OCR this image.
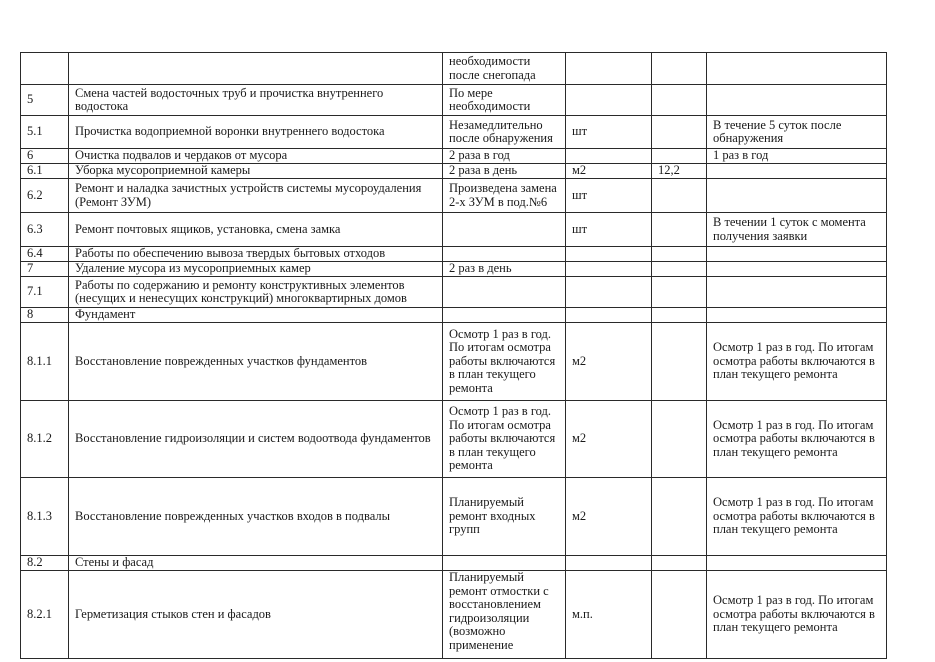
		необходимости после снегопада			
5	Смена частей водосточных труб и прочистка внутреннего водостока	По мере необходимости			
5.1	Прочистка водоприемной воронки внутреннего водостока	Незамедлительно после обнаружения	шт		В течение 5 суток после обнаружения
6	Очистка подвалов и чердаков от мусора	2 раза в год			1 раз в год
6.1	Уборка мусороприемной камеры	2 раза в день	м2	12,2	
6.2	Ремонт и наладка зачистных устройств системы мусороудаления (Ремонт ЗУМ)	Произведена замена 2-х ЗУМ в под.№6	шт		
6.3	Ремонт почтовых ящиков, установка, смена замка		шт		В течении 1 суток с момента получения заявки
6.4	Работы по обеспечению вывоза твердых бытовых отходов				
7	Удаление мусора из мусороприемных камер	2 раз в день			
7.1	Работы по содержанию и ремонту конструктивных элементов (несущих и ненесущих конструкций) многоквартирных домов				
8	Фундамент				
8.1.1	Восстановление поврежденных участков фундаментов	Осмотр 1 раз в год. По итогам осмотра работы включаются в план текущего ремонта	м2		Осмотр 1 раз в год. По итогам осмотра работы включаются в план текущего ремонта
8.1.2	Восстановление гидроизоляции и систем водоотвода фундаментов	Осмотр 1 раз в год. По итогам осмотра работы включаются в план текущего ремонта	м2		Осмотр 1 раз в год. По итогам осмотра работы включаются в план текущего ремонта
8.1.3	Восстановление поврежденных участков входов в подвалы	Планируемый ремонт входных групп	м2		Осмотр 1 раз в год. По итогам осмотра работы включаются в план текущего ремонта
8.2	Стены и фасад				
8.2.1	Герметизация стыков стен и фасадов	Планируемый ремонт отмостки с восстановлением гидроизоляции (возможно применение	м.п.		Осмотр 1 раз в год. По итогам осмотра работы включаются в план текущего ремонта
